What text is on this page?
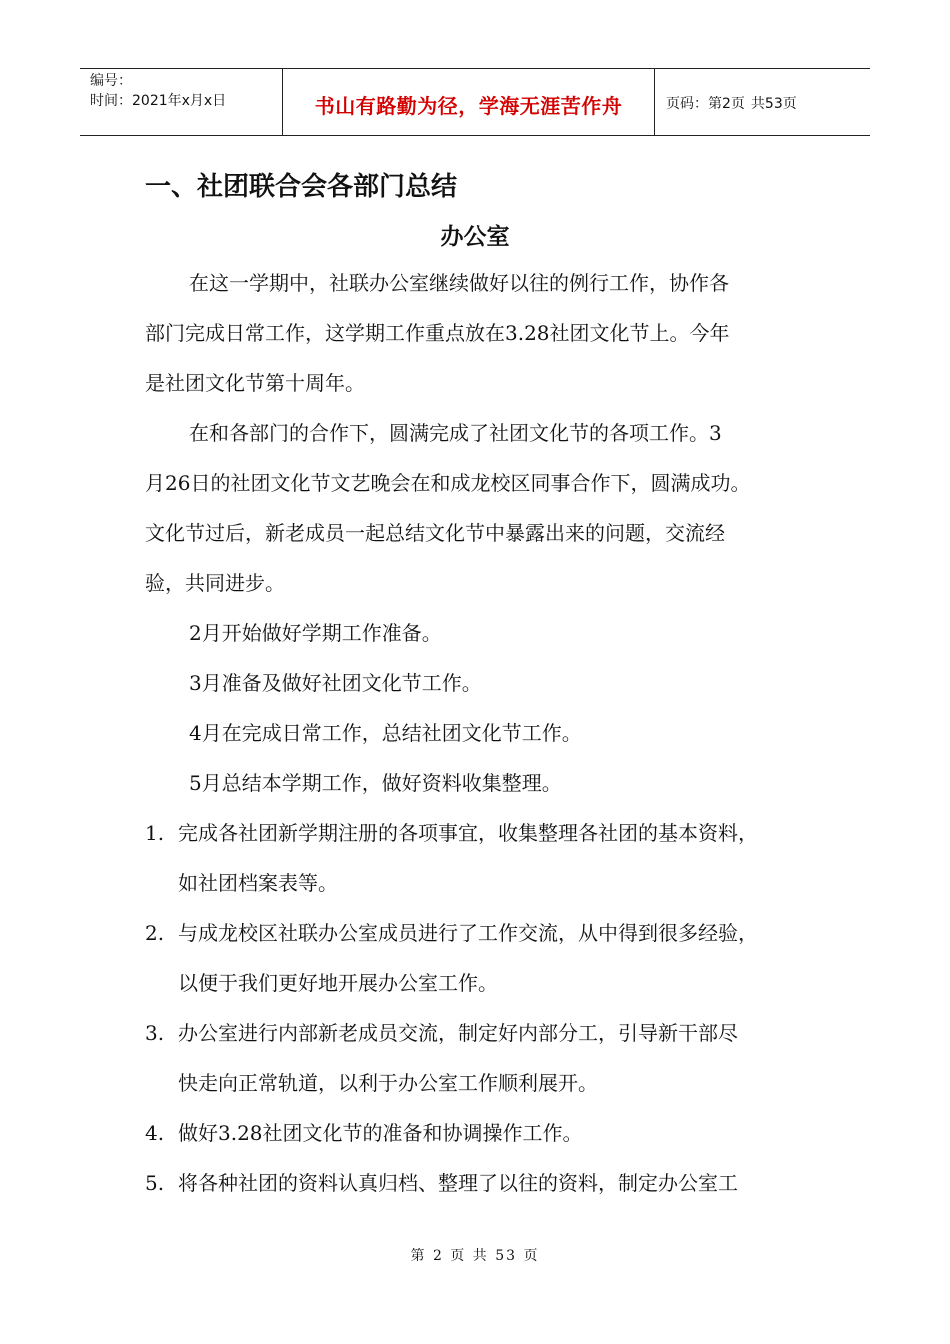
编号：
时间：2021年x月x日	书山有路勤为径，学海无涯苦作舟	页码：第2页 共53页
一、社团联合会各部门总结
办公室

在这一学期中，社联办公室继续做好以往的例行工作，协作各

部门完成日常工作，这学期工作重点放在3.28社团文化节上。今年

是社团文化节第十周年。

在和各部门的合作下，圆满完成了社团文化节的各项工作。3

月26日的社团文化节文艺晚会在和成龙校区同事合作下，圆满成功。

文化节过后，新老成员一起总结文化节中暴露出来的问题，交流经

验，共同进步。

2月开始做好学期工作准备。

3月准备及做好社团文化节工作。

4月在完成日常工作，总结社团文化节工作。

5月总结本学期工作，做好资料收集整理。

1. 完成各社团新学期注册的各项事宜，收集整理各社团的基本资料，

如社团档案表等。

2. 与成龙校区社联办公室成员进行了工作交流，从中得到很多经验，

以便于我们更好地开展办公室工作。

3. 办公室进行内部新老成员交流，制定好内部分工，引导新干部尽

快走向正常轨道，以利于办公室工作顺利展开。

4. 做好3.28社团文化节的准备和协调操作工作。

5. 将各种社团的资料认真归档、整理了以往的资料，制定办公室工

第 2 页 共 53 页
